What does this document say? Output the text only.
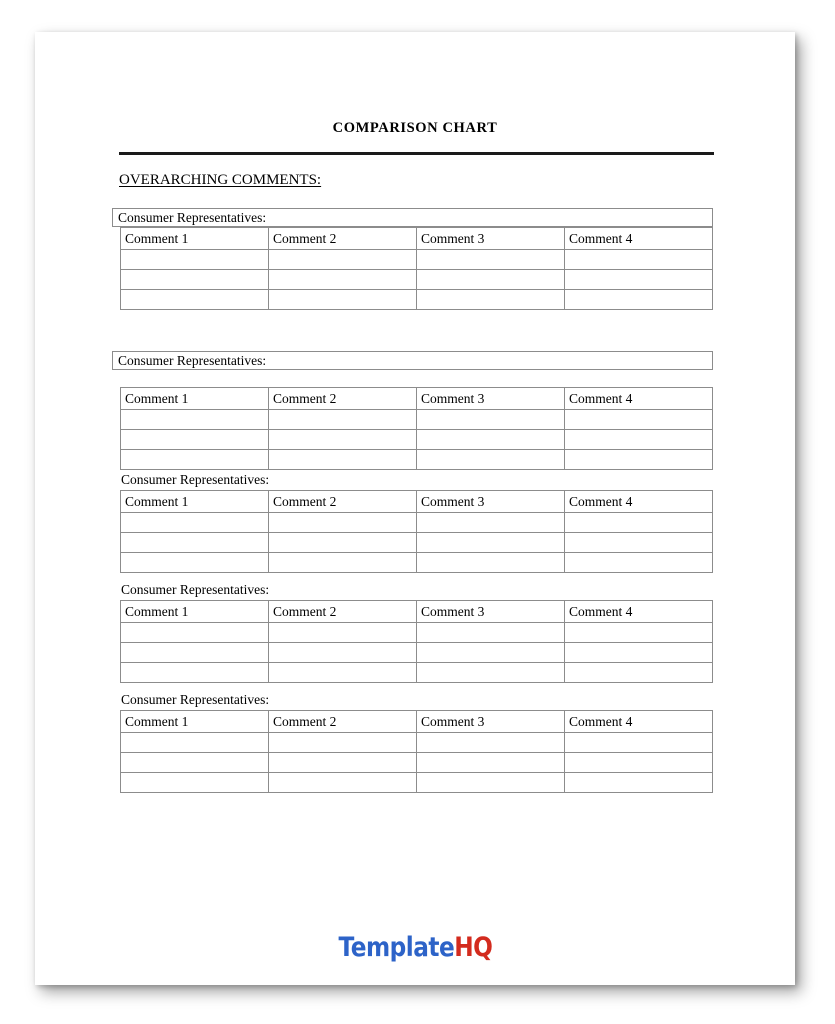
COMPARISON CHART
OVERARCHING COMMENTS:
Consumer Representatives:
Comment 1	Comment 2	Comment 3	Comment 4

Consumer Representatives:
Comment 1	Comment 2	Comment 3	Comment 4

Consumer Representatives:
Comment 1	Comment 2	Comment 3	Comment 4

Consumer Representatives:
Comment 1	Comment 2	Comment 3	Comment 4

Consumer Representatives:
Comment 1	Comment 2	Comment 3	Comment 4

TemplateHQ
